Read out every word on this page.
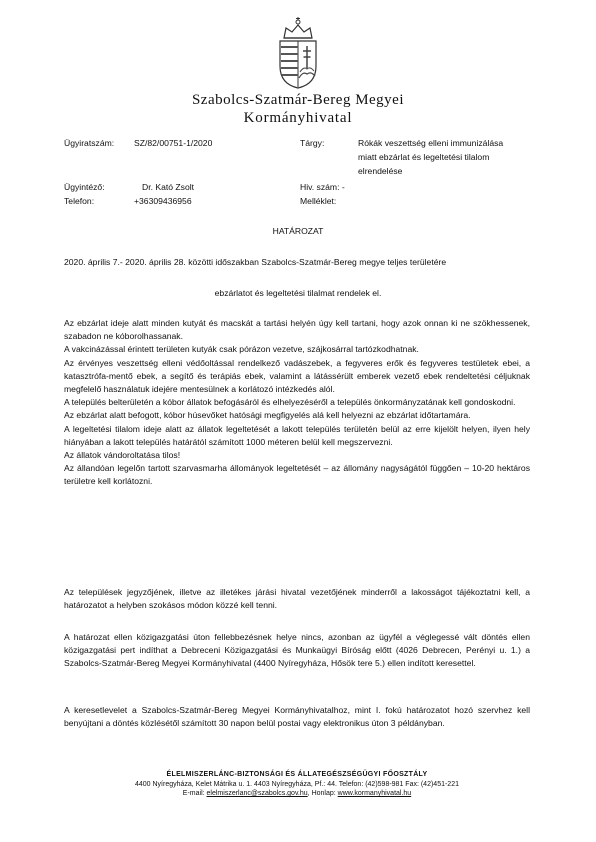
Szabolcs-Szatmár-Bereg Megyei
Kormányhivatal
Ügyiratszám: SZ/82/00751-1/2020	Tárgy:	Rókák veszettség elleni immunizálása
miatt ebzárlat és legeltetési tilalom
elrendelése
Ügyintéző:	Dr. Kató Zsolt	Hiv. szám: -
Telefon:	+36309436956	Melléklet:
HATÁROZAT
2020. április 7.- 2020. április 28. közötti időszakban Szabolcs-Szatmár-Bereg megye teljes területére
ebzárlatot és legeltetési tilalmat rendelek el.

Az ebzárlat ideje alatt minden kutyát és macskát a tartási helyén úgy kell tartani, hogy azok onnan ki ne szökhessenek, szabadon ne kóborolhassanak.

A vakcinázással érintett területen kutyák csak pórázon vezetve, szájkosárral tartózkodhatnak.

Az érvényes veszettség elleni védőoltással rendelkező vadászebek, a fegyveres erők és fegyveres testületek ebei, a katasztrófa-mentő ebek, a segítő és terápiás ebek, valamint a látássérült emberek vezető ebek rendeltetési céljuknak megfelelő használatuk idejére mentesülnek a korlátozó intézkedés alól.

A település belterületén a kóbor állatok befogásáról és elhelyezéséről a település önkormányzatának kell gondoskodni.

Az ebzárlat alatt befogott, kóbor húsevőket hatósági megfigyelés alá kell helyezni az ebzárlat időtartamára.

A legeltetési tilalom ideje alatt az állatok legeltetését a lakott település területén belül az erre kijelölt helyen, ilyen hely hiányában a lakott település határától számított 1000 méteren belül kell megszervezni.

Az állatok vándoroltatása tilos!

Az állandóan legelőn tartott szarvasmarha állományok legeltetését – az állomány nagyságától függően – 10-20 hektáros területre kell korlátozni.

Az települések jegyzőjének, illetve az illetékes járási hivatal vezetőjének minderről a lakosságot tájékoztatni kell, a határozatot a helyben szokásos módon közzé kell tenni.

A határozat ellen közigazgatási úton fellebbezésnek helye nincs, azonban az ügyfél a véglegessé vált döntés ellen közigazgatási pert indíthat a Debreceni Közigazgatási és Munkaügyi Bíróság előtt (4026 Debrecen, Perényi u. 1.) a Szabolcs-Szatmár-Bereg Megyei Kormányhivatal (4400 Nyíregyháza, Hősök tere 5.) ellen indított keresettel.

A keresetlevelet a Szabolcs-Szatmár-Bereg Megyei Kormányhivatalhoz, mint I. fokú határozatot hozó szervhez kell benyújtani a döntés közlésétől számított 30 napon belül postai vagy elektronikus úton 3 példányban.

ÉLELMISZERLÁNC-BIZTONSÁGI ÉS ÁLLATEGÉSZSÉGÜGYI FŐOSZTÁLY
4400 Nyíregyháza, Kelet Mátrika u. 1. 4403 Nyíregyháza, Pf.: 44. Telefon: (42)598-981 Fax: (42)451-221
E-mail: elelmiszerlanc@szabolcs.gov.hu, Honlap: www.kormanyhivatal.hu
